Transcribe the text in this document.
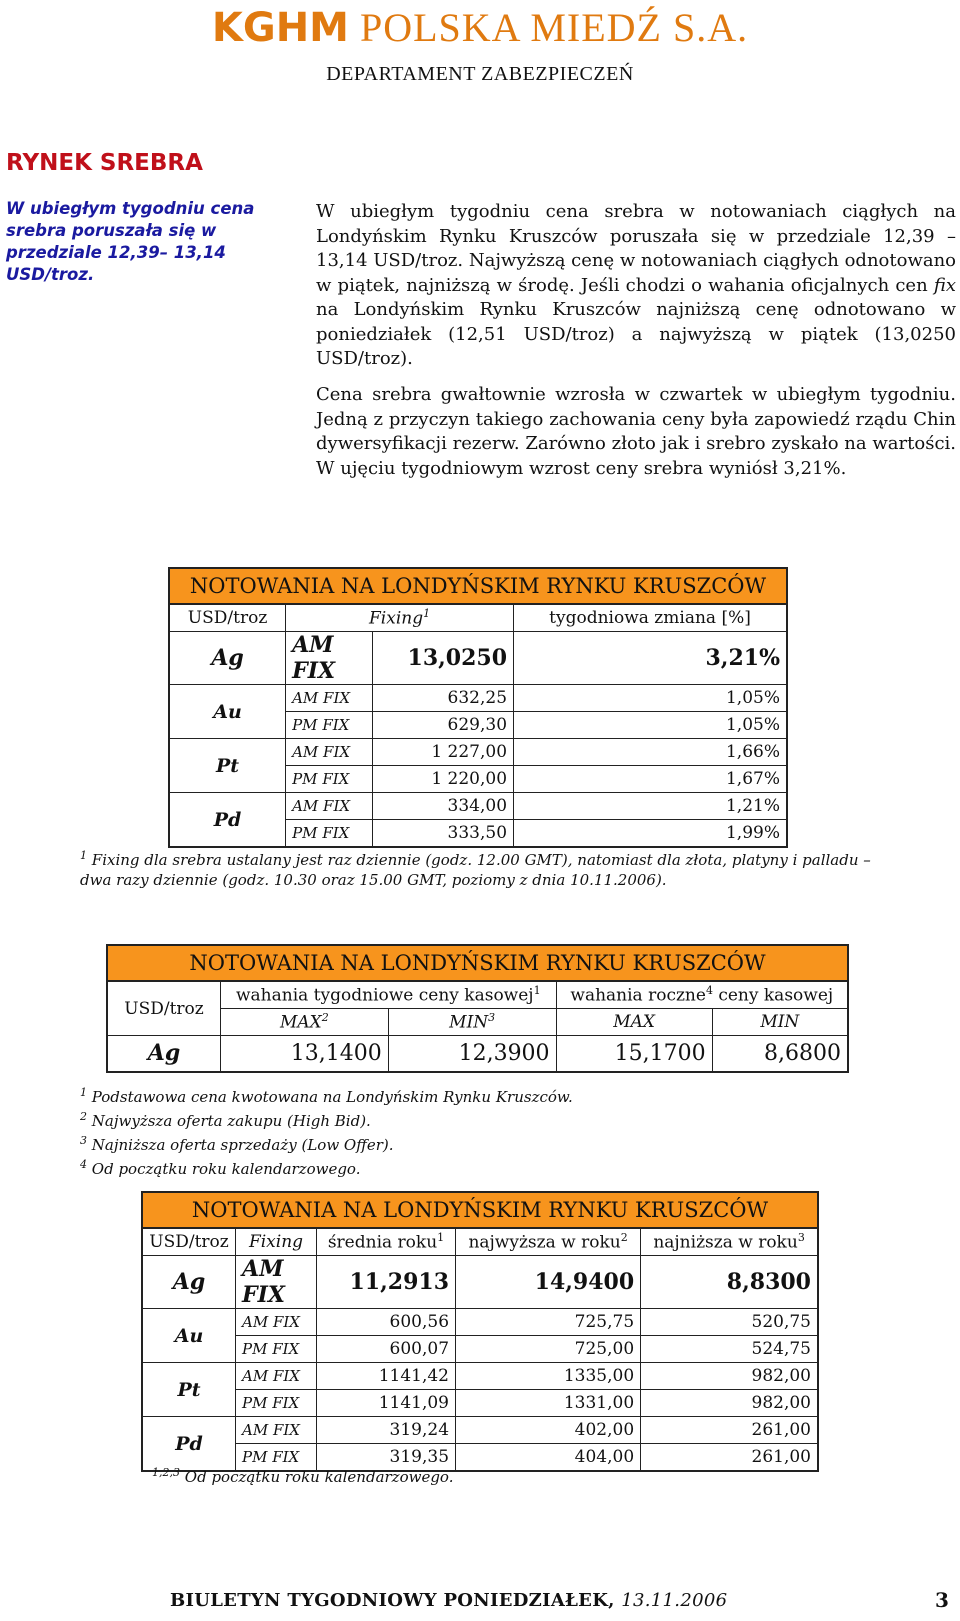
KGHM POLSKA MIEDŹ S.A.
DEPARTAMENT ZABEZPIECZEŃ
RYNEK SREBRA
W ubiegłym tygodniu cena srebra poruszała się w przedziale 12,39– 13,14 USD/troz.
W ubiegłym tygodniu cena srebra w notowaniach ciągłych na Londyńskim Rynku Kruszców poruszała się w przedziale 12,39 – 13,14 USD/troz. Najwyższą cenę w notowaniach ciągłych odnotowano w piątek, najniższą w środę. Jeśli chodzi o wahania oficjalnych cen fix na Londyńskim Rynku Kruszców najniższą cenę odnotowano w poniedziałek (12,51 USD/troz) a najwyższą w piątek (13,0250 USD/troz).
Cena srebra gwałtownie wzrosła w czwartek w ubiegłym tygodniu. Jedną z przyczyn takiego zachowania ceny była zapowiedź rządu Chin dywersyfikacji rezerw. Zarówno złoto jak i srebro zyskało na wartości. W ujęciu tygodniowym wzrost ceny srebra wyniósł 3,21%.
NOTOWANIA NA LONDYŃSKIM RYNKU KRUSZCÓW			
USD/troz	Fixing$^1$		tygodniowa zmiana [%]
Ag	AM FIX	13,0250	3,21%
Au	AM FIX	632,25	1,05%
	PM FIX	629,30	1,05%
Pt	AM FIX	1 227,00	1,66%
	PM FIX	1 220,00	1,67%
Pd	AM FIX	334,00	1,21%
	PM FIX	333,50	1,99%
$^1$ Fixing dla srebra ustalany jest raz dziennie (godz. 12.00 GMT), natomiast dla złota, platyny i palladu – dwa razy dziennie (godz. 10.30 oraz 15.00 GMT, poziomy z dnia 10.11.2006).
NOTOWANIA NA LONDYŃSKIM RYNKU KRUSZCÓW				
USD/troz	wahania tygodniowe ceny kasowej$^1$		wahania roczne$^4$ ceny kasowej	
	MAX$^2$	MIN$^3$	MAX	MIN
Ag	13,1400	12,3900	15,1700	8,6800
$^1$ Podstawowa cena kwotowana na Londyńskim Rynku Kruszców.
$^2$ Najwyższa oferta zakupu (High Bid).
$^3$ Najniższa oferta sprzedaży (Low Offer).
$^4$ Od początku roku kalendarzowego.
NOTOWANIA NA LONDYŃSKIM RYNKU KRUSZCÓW				
USD/troz	Fixing	średnia roku$^1$	najwyższa w roku$^2$	najniższa w roku$^3$
Ag	AM FIX	11,2913	14,9400	8,8300
Au	AM FIX	600,56	725,75	520,75
	PM FIX	600,07	725,00	524,75
Pt	AM FIX	1141,42	1335,00	982,00
	PM FIX	1141,09	1331,00	982,00
Pd	AM FIX	319,24	402,00	261,00
	PM FIX	319,35	404,00	261,00
$^{1,2,3}$ Od początku roku kalendarzowego.
BIULETYN TYGODNIOWY PONIEDZIAŁEK, 13.11.2006	3
